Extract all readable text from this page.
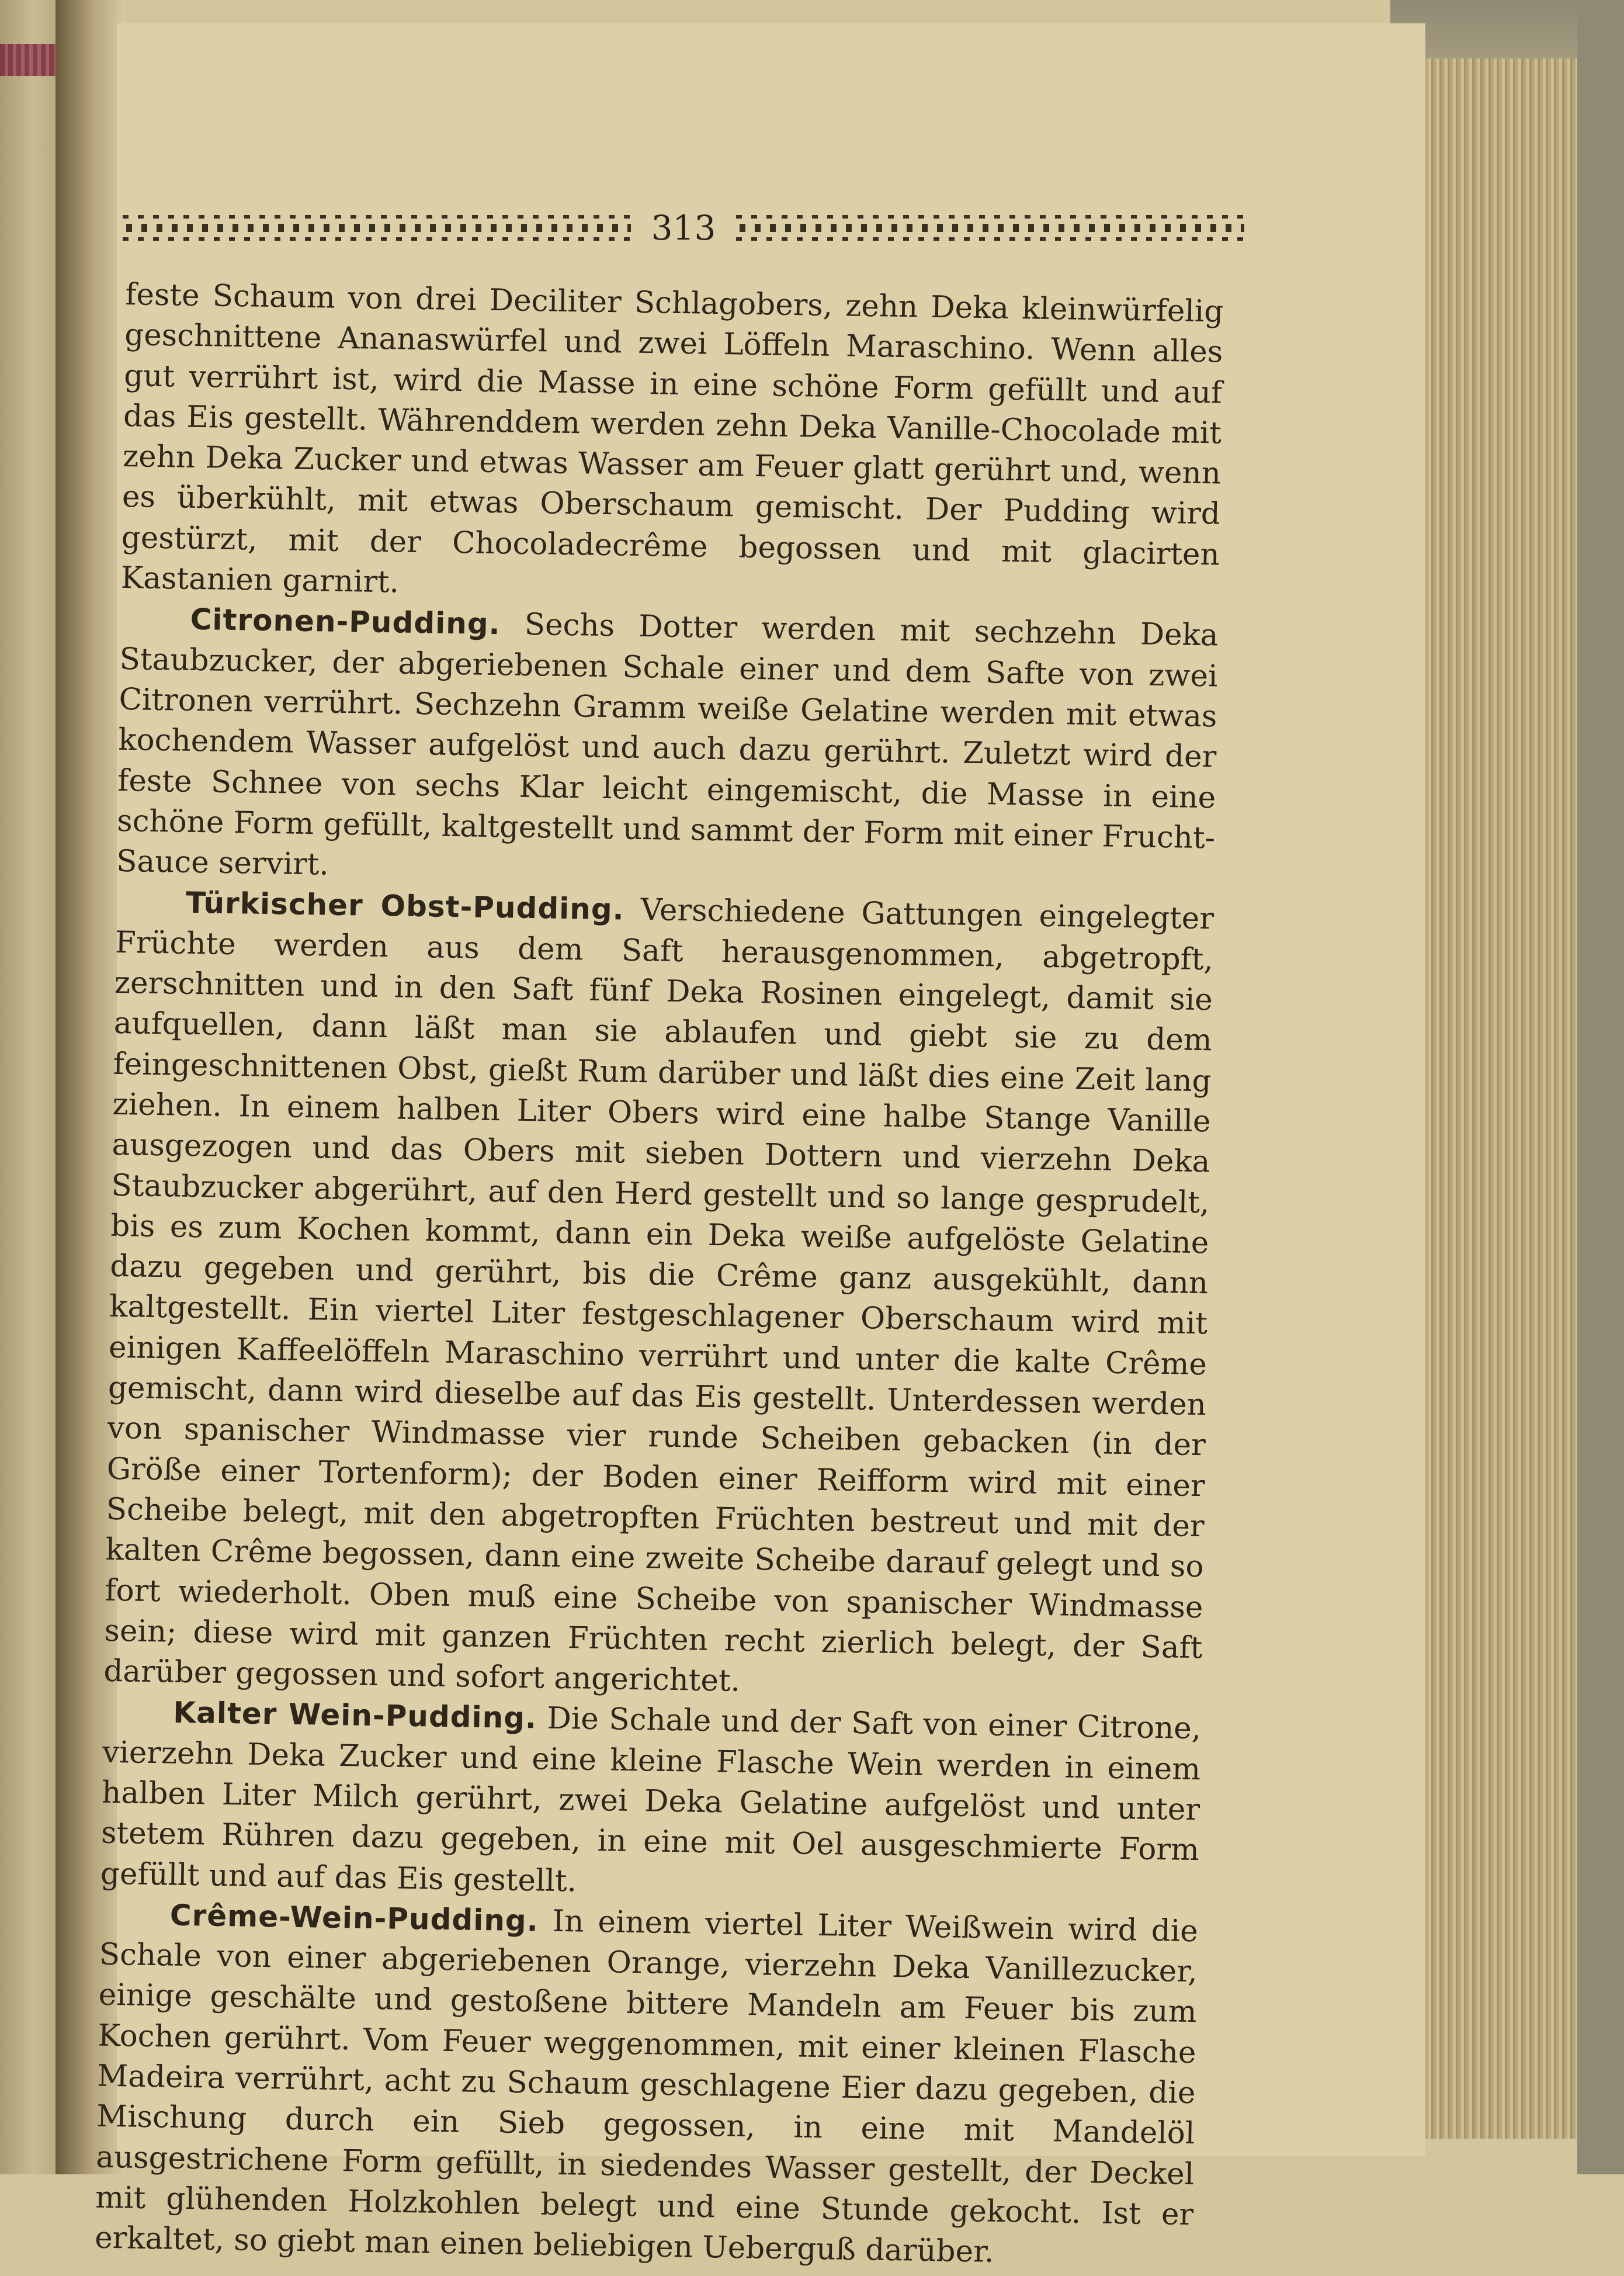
313

feste Schaum von drei Deciliter Schlagobers, zehn Deka kleinwürfelig geschnittene Ananaswürfel und zwei Löffeln Maraschino. Wenn alles gut verrührt ist, wird die Masse in eine schöne Form gefüllt und auf das Eis gestellt. Währenddem werden zehn Deka Vanille-Chocolade mit zehn Deka Zucker und etwas Wasser am Feuer glatt gerührt und, wenn es überkühlt, mit etwas Oberschaum gemischt. Der Pudding wird gestürzt, mit der Chocoladecrême begossen und mit glacirten Kastanien garnirt.

Citronen-Pudding. Sechs Dotter werden mit sechzehn Deka Staubzucker, der abgeriebenen Schale einer und dem Safte von zwei Citronen verrührt. Sechzehn Gramm weiße Gelatine werden mit etwas kochendem Wasser aufgelöst und auch dazu gerührt. Zuletzt wird der feste Schnee von sechs Klar leicht eingemischt, die Masse in eine schöne Form gefüllt, kaltgestellt und sammt der Form mit einer Frucht-Sauce servirt.

Türkischer Obst-Pudding. Verschiedene Gattungen eingelegter Früchte werden aus dem Saft herausgenommen, abgetropft, zerschnitten und in den Saft fünf Deka Rosinen eingelegt, damit sie aufquellen, dann läßt man sie ablaufen und giebt sie zu dem feingeschnittenen Obst, gießt Rum darüber und läßt dies eine Zeit lang ziehen. In einem halben Liter Obers wird eine halbe Stange Vanille ausgezogen und das Obers mit sieben Dottern und vierzehn Deka Staubzucker abgerührt, auf den Herd gestellt und so lange gesprudelt, bis es zum Kochen kommt, dann ein Deka weiße aufgelöste Gelatine dazu gegeben und gerührt, bis die Crême ganz ausgekühlt, dann kaltgestellt. Ein viertel Liter festgeschlagener Oberschaum wird mit einigen Kaffeelöffeln Maraschino verrührt und unter die kalte Crême gemischt, dann wird dieselbe auf das Eis gestellt. Unterdessen werden von spanischer Windmasse vier runde Scheiben gebacken (in der Größe einer Tortenform); der Boden einer Reifform wird mit einer Scheibe belegt, mit den abgetropften Früchten bestreut und mit der kalten Crême begossen, dann eine zweite Scheibe darauf gelegt und so fort wiederholt. Oben muß eine Scheibe von spanischer Windmasse sein; diese wird mit ganzen Früchten recht zierlich belegt, der Saft darüber gegossen und sofort angerichtet.

Kalter Wein-Pudding. Die Schale und der Saft von einer Citrone, vierzehn Deka Zucker und eine kleine Flasche Wein werden in einem halben Liter Milch gerührt, zwei Deka Gelatine aufgelöst und unter stetem Rühren dazu gegeben, in eine mit Oel ausgeschmierte Form gefüllt und auf das Eis gestellt.

Crême-Wein-Pudding. In einem viertel Liter Weißwein wird die Schale von einer abgeriebenen Orange, vierzehn Deka Vanillezucker, einige geschälte und gestoßene bittere Mandeln am Feuer bis zum Kochen gerührt. Vom Feuer weggenommen, mit einer kleinen Flasche Madeira verrührt, acht zu Schaum geschlagene Eier dazu gegeben, die Mischung durch ein Sieb gegossen, in eine mit Mandelöl ausgestrichene Form gefüllt, in siedendes Wasser gestellt, der Deckel mit glühenden Holzkohlen belegt und eine Stunde gekocht. Ist er erkaltet, so giebt man einen beliebigen Ueberguß darüber.
